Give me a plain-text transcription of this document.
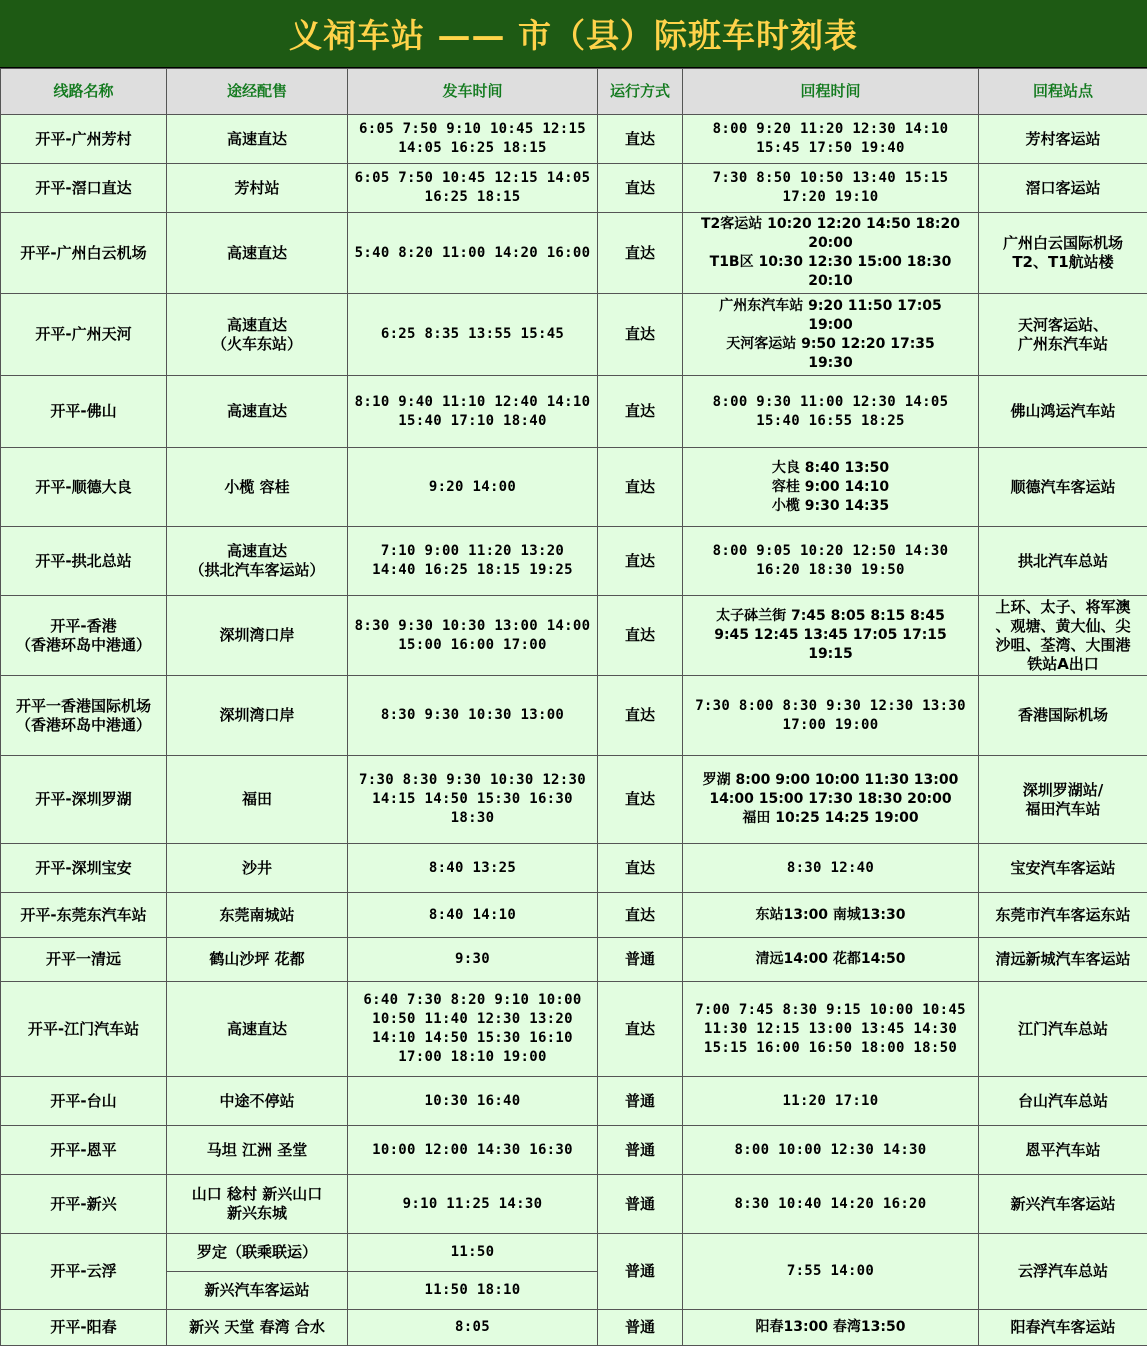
义祠车站 —— 市（县）际班车时刻表
线路名称	途经配售	发车时间	运行方式	回程时间	回程站点
开平-广州芳村	高速直达	6:05 7:50 9:10 10:45 12:15
14:05 16:25 18:15	直达	8:00 9:20 11:20 12:30 14:10
15:45 17:50 19:40	芳村客运站
开平-滘口直达	芳村站	6:05 7:50 10:45 12:15 14:05
16:25 18:15	直达	7:30 8:50 10:50 13:40 15:15
17:20 19:10	滘口客运站
开平-广州白云机场	高速直达	5:40 8:20 11:00 14:20 16:00	直达	T2客运站 10:20 12:20 14:50 18:20
20:00
T1B区 10:30 12:30 15:00 18:30
20:10	广州白云国际机场
T2、T1航站楼
开平-广州天河	高速直达
（火车东站）	6:25 8:35 13:55 15:45	直达	广州东汽车站 9:20 11:50 17:05
19:00
天河客运站 9:50 12:20 17:35
19:30	天河客运站、
广州东汽车站
开平-佛山	高速直达	8:10 9:40 11:10 12:40 14:10
15:40 17:10 18:40	直达	8:00 9:30 11:00 12:30 14:05
15:40 16:55 18:25	佛山鸿运汽车站
开平-顺德大良	小榄 容桂	9:20 14:00	直达	大良 8:40 13:50
容桂 9:00 14:10
小榄 9:30 14:35	顺德汽车客运站
开平-拱北总站	高速直达
（拱北汽车客运站）	7:10 9:00 11:20 13:20
14:40 16:25 18:15 19:25	直达	8:00 9:05 10:20 12:50 14:30
16:20 18:30 19:50	拱北汽车总站
开平-香港
（香港环岛中港通）	深圳湾口岸	8:30 9:30 10:30 13:00 14:00
15:00 16:00 17:00	直达	太子砵兰街 7:45 8:05 8:15 8:45
9:45 12:45 13:45 17:05 17:15
19:15	上环、太子、将军澳
、观塘、黄大仙、尖
沙咀、荃湾、大围港
铁站A出口
开平一香港国际机场
（香港环岛中港通）	深圳湾口岸	8:30 9:30 10:30 13:00	直达	7:30 8:00 8:30 9:30 12:30 13:30
17:00 19:00	香港国际机场
开平-深圳罗湖	福田	7:30 8:30 9:30 10:30 12:30
14:15 14:50 15:30 16:30
18:30	直达	罗湖 8:00 9:00 10:00 11:30 13:00
14:00 15:00 17:30 18:30 20:00
福田 10:25 14:25 19:00	深圳罗湖站/
福田汽车站
开平-深圳宝安	沙井	8:40 13:25	直达	8:30 12:40	宝安汽车客运站
开平-东莞东汽车站	东莞南城站	8:40 14:10	直达	东站13:00 南城13:30	东莞市汽车客运东站
开平一清远	鹤山沙坪 花都	9:30	普通	清远14:00 花都14:50	清远新城汽车客运站
开平-江门汽车站	高速直达	6:40 7:30 8:20 9:10 10:00
10:50 11:40 12:30 13:20
14:10 14:50 15:30 16:10
17:00 18:10 19:00	直达	7:00 7:45 8:30 9:15 10:00 10:45
11:30 12:15 13:00 13:45 14:30
15:15 16:00 16:50 18:00 18:50	江门汽车总站
开平-台山	中途不停站	10:30 16:40	普通	11:20 17:10	台山汽车总站
开平-恩平	马坦 江洲 圣堂	10:00 12:00 14:30 16:30	普通	8:00 10:00 12:30 14:30	恩平汽车站
开平-新兴	山口 稔村 新兴山口
新兴东城	9:10 11:25 14:30	普通	8:30 10:40 14:20 16:20	新兴汽车客运站
开平-云浮	罗定（联乘联运）	11:50	普通	7:55 14:00	云浮汽车总站
	新兴汽车客运站	11:50 18:10			
开平-阳春	新兴 天堂 春湾 合水	8:05	普通	阳春13:00 春湾13:50	阳春汽车客运站
